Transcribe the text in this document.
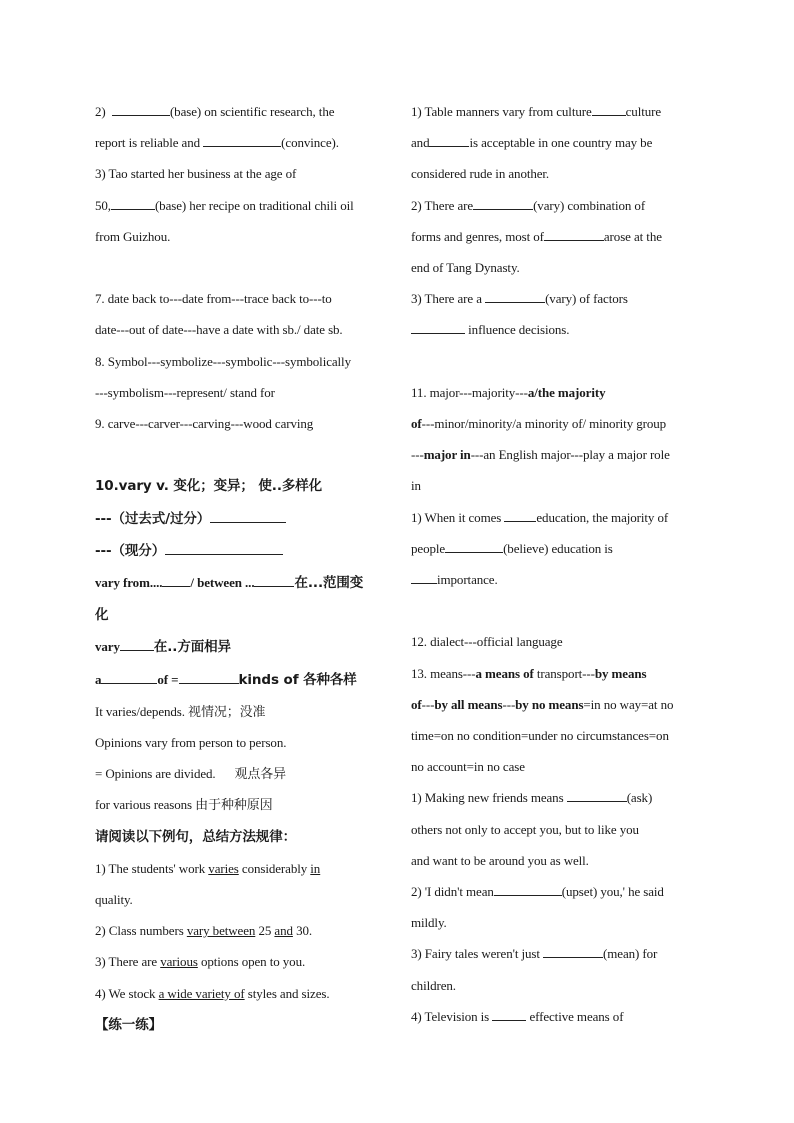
2)	(base) on scientific research, the

report is reliable and	(convince).

3) Tao started her business at the age of

50,	(base) her recipe on traditional chili oil

from Guizhou.

7. date back to---date from---trace back to---to

date---out of date---have a date with sb./ date sb.

8. Symbol---symbolize---symbolic---symbolically

---symbolism---represent/ stand for

9. carve---carver---carving---wood carving

10.vary v. 变化；变异； 使..多样化

---（过去式/过分）

---（现分）

vary from.... / between ...	在...范围变

化

vary	在..方面相异

a	of =	kinds of 各种各样

It varies/depends. 视情况；没准

Opinions vary from person to person.

= Opinions are divided. 观点各异

for various reasons 由于种种原因

请阅读以下例句，总结方法规律：

1) The students' work varies considerably in

quality.

2) Class numbers vary between 25 and 30.

3) There are various options open to you.

4) We stock a wide variety of styles and sizes.

【练一练】

1) Table manners vary from culture	culture

and	is acceptable in one country may be

considered rude in another.

2) There are	(vary) combination of

forms and genres, most of	arose at the

end of Tang Dynasty.

3) There are a	(vary) of factors

influence decisions.

11. major---majority---a/the majority

of---minor/minority/a minority of/ minority group

---major in---an English major---play a major role

in

1) When it comes	education, the majority of

people	(believe) education is

importance.

12. dialect---official language

13. means---a means of transport---by means

of---by all means---by no means=in no way=at no

time=on no condition=under no circumstances=on

no account=in no case

1) Making new friends means	(ask)

others not only to accept you, but to like you

and want to be around you as well.

2) 'I didn't mean	(upset) you,' he said

mildly.

3) Fairy tales weren't just	(mean) for

children.

4) Television is	effective means of
